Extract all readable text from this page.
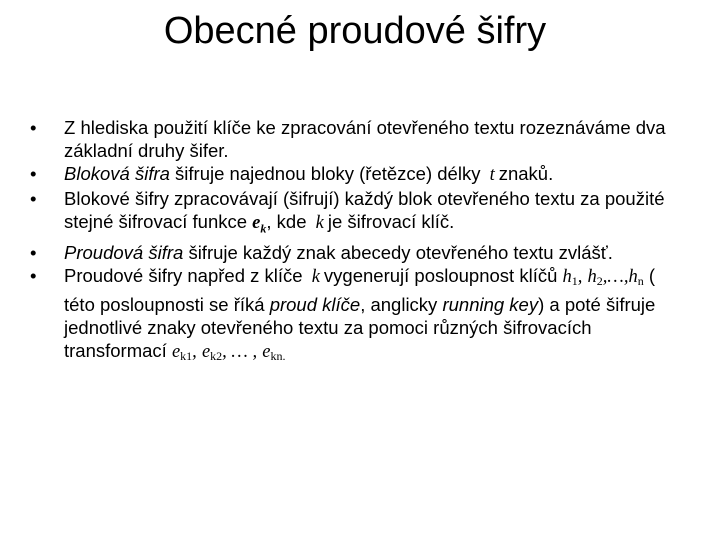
Obecné proudové šifry
•	Z hlediska použití klíče ke zpracování otevřeného textu rozeznáváme dva základní druhy šifer.
•	Bloková šifra šifruje najednou bloky (řetězce) délky t znaků.
•	Blokové šifry zpracovávají (šifrují) každý blok otevřeného textu za použité stejné šifrovací funkce $e_k$, kde k je šifrovací klíč.
•	Proudová šifra šifruje každý znak abecedy otevřeného textu zvlášť.
•	Proudové šifry napřed z klíče k vygenerují posloupnost klíčů h1, h2,…,hn ( této posloupnosti se říká proud klíče, anglicky running key) a poté šifruje jednotlivé znaky otevřeného textu za pomoci různých šifrovacích transformací ek1, ek2, … , ekn.
